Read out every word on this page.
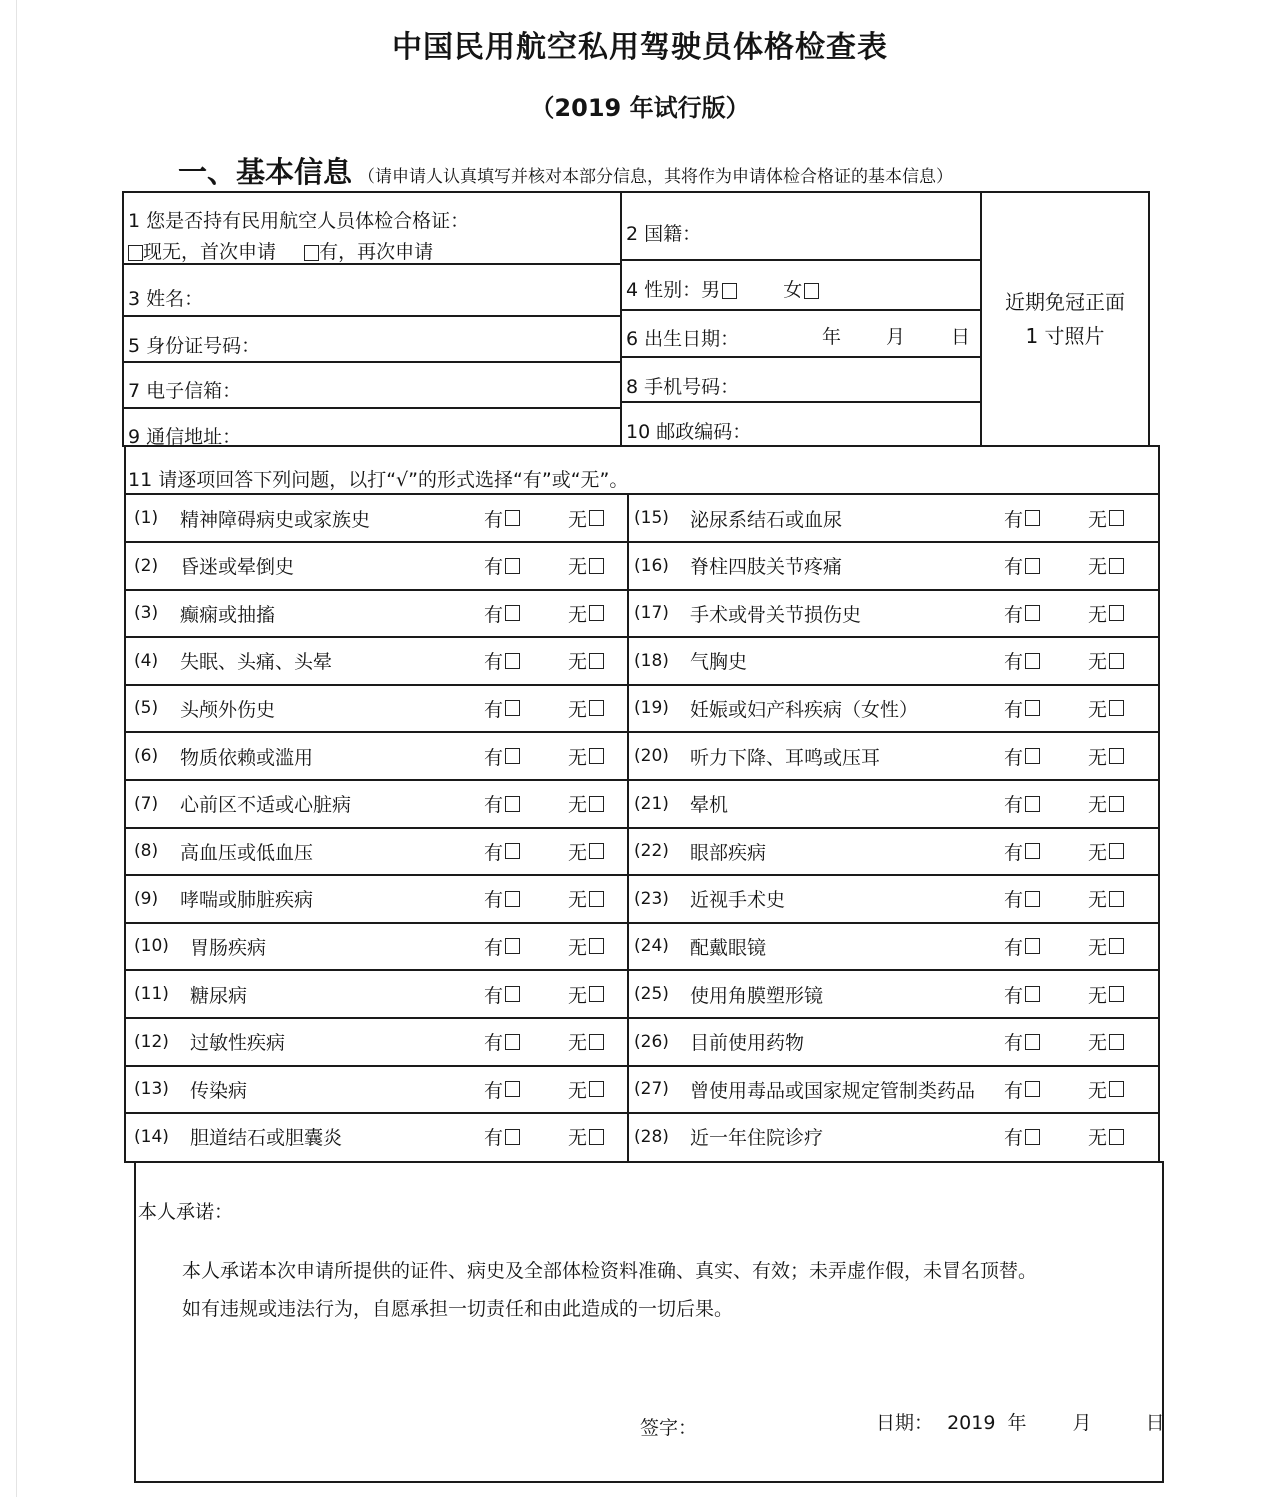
中国民用航空私用驾驶员体格检查表
（2019 年试行版）
一、基本信息 （请申请人认真填写并核对本部分信息，其将作为申请体检合格证的基本信息）
1 您是否持有民用航空人员体检合格证：
现无，首次申请 有，再次申请
2 国籍：
3 姓名：	4 性别：男	女
5 身份证号码：	6 出生日期：	年 月 日
7 电子信箱：	8 手机号码：
9 通信地址：	10 邮政编码：
近期免冠正面
1 寸照片
11 请逐项回答下列问题，以打“√”的形式选择“有”或“无”。
(1)	精神障碍病史或家族史	有	无
(2)	昏迷或晕倒史	有	无
(3)	癫痫或抽搐	有	无
(4)	失眠、头痛、头晕	有	无
(5)	头颅外伤史	有	无
(6)	物质依赖或滥用	有	无
(7)	心前区不适或心脏病	有	无
(8)	高血压或低血压	有	无
(9)	哮喘或肺脏疾病	有	无
(10)	胃肠疾病	有	无
(11)	糖尿病	有	无
(12)	过敏性疾病	有	无
(13)	传染病	有	无
(14)	胆道结石或胆囊炎	有	无
(15)	泌尿系结石或血尿	有	无
(16)	脊柱四肢关节疼痛	有	无
(17)	手术或骨关节损伤史	有	无
(18)	气胸史	有	无
(19)	妊娠或妇产科疾病（女性）	有	无
(20)	听力下降、耳鸣或压耳	有	无
(21)	晕机	有	无
(22)	眼部疾病	有	无
(23)	近视手术史	有	无
(24)	配戴眼镜	有	无
(25)	使用角膜塑形镜	有	无
(26)	目前使用药物	有	无
(27)	曾使用毒品或国家规定管制类药品	有	无
(28)	近一年住院诊疗	有	无
本人承诺：
本人承诺本次申请所提供的证件、病史及全部体检资料准确、真实、有效；未弄虚作假，未冒名顶替。
如有违规或违法行为，自愿承担一切责任和由此造成的一切后果。
签字：	日期： 2019 年 月	日
